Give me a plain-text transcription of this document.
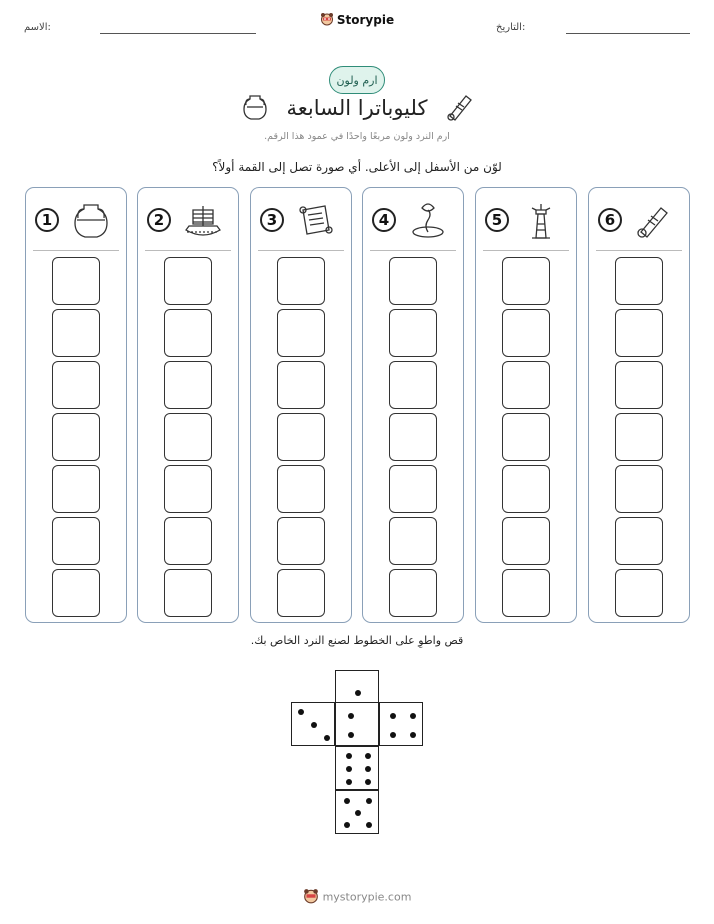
الاسم:	التاريخ:
Storypie
ارم ولون
كليوباترا السابعة
ارم النرد ولون مربعًا واحدًا في عمود هذا الرقم.
لوّن من الأسفل إلى الأعلى. أي صورة تصل إلى القمة أولاً؟
1	2	3	4	5	6
قص واطوِ على الخطوط لصنع النرد الخاص بك.
mystorypie.com
